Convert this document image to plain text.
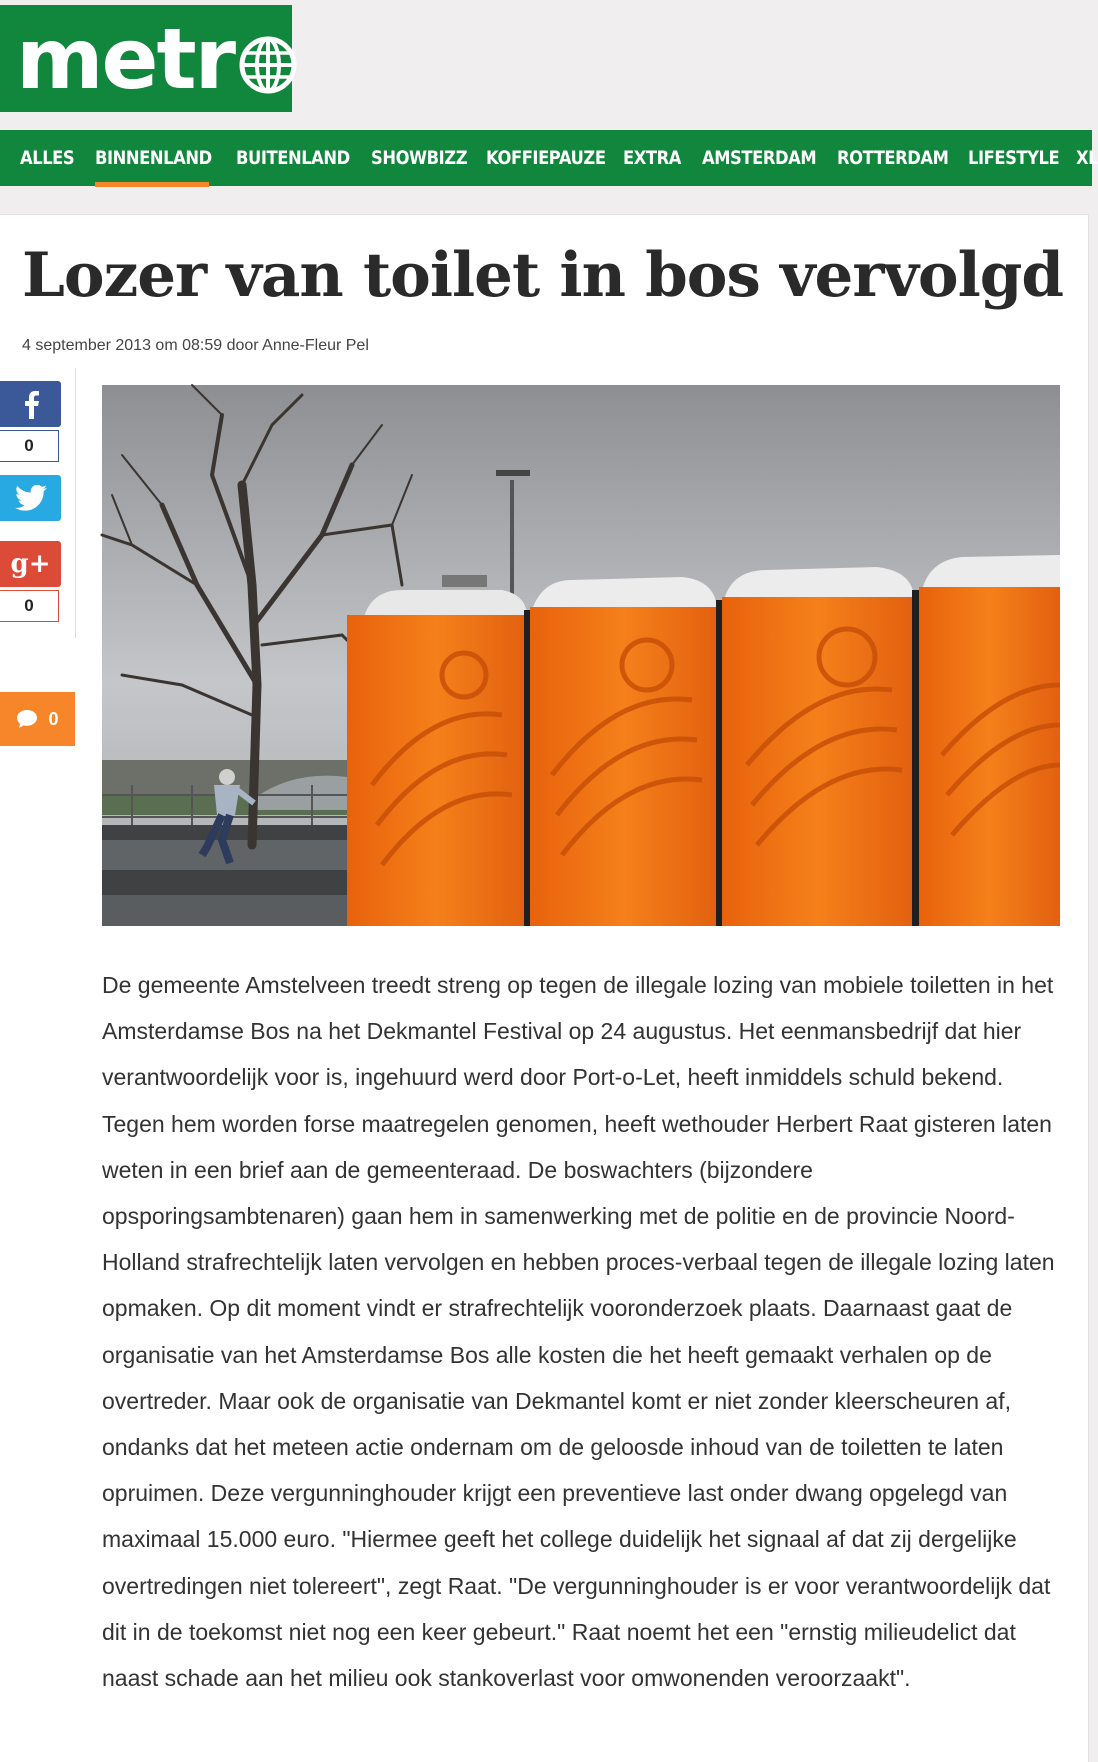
metr
ALLES BINNENLAND BUITENLAND SHOWBIZZ KOFFIEPAUZE EXTRA AMSTERDAM ROTTERDAM LIFESTYLE XL
Lozer van toilet in bos vervolgd
4 september 2013 om 08:59 door Anne-Fleur Pel
0
g+
0
0

De gemeente Amstelveen treedt streng op tegen de illegale lozing van mobiele toiletten in het Amsterdamse Bos na het Dekmantel Festival op 24 augustus. Het eenmansbedrijf dat hier verantwoordelijk voor is, ingehuurd werd door Port-o-Let, heeft inmiddels schuld bekend. Tegen hem worden forse maatregelen genomen, heeft wethouder Herbert Raat gisteren laten weten in een brief aan de gemeenteraad. De boswachters (bijzondere opsporingsambtenaren) gaan hem in samenwerking met de politie en de provincie Noord-Holland strafrechtelijk laten vervolgen en hebben proces-verbaal tegen de illegale lozing laten opmaken. Op dit moment vindt er strafrechtelijk vooronderzoek plaats. Daarnaast gaat de organisatie van het Amsterdamse Bos alle kosten die het heeft gemaakt verhalen op de overtreder. Maar ook de organisatie van Dekmantel komt er niet zonder kleerscheuren af, ondanks dat het meteen actie ondernam om de geloosde inhoud van de toiletten te laten opruimen. Deze vergunninghouder krijgt een preventieve last onder dwang opgelegd van maximaal 15.000 euro. "Hiermee geeft het college duidelijk het signaal af dat zij dergelijke overtredingen niet tolereert", zegt Raat. "De vergunninghouder is er voor verantwoordelijk dat dit in de toekomst niet nog een keer gebeurt." Raat noemt het een "ernstig milieudelict dat naast schade aan het milieu ook stankoverlast voor omwonenden veroorzaakt".
